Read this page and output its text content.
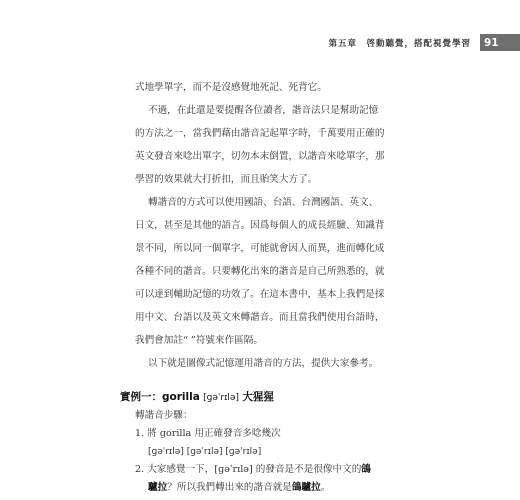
第五章　啓動聽覺，搭配視覺學習	91
式地學單字，而不是沒感覺地死記、死背它。
不過，在此還是要提醒各位讀者，諧音法只是幫助記憶
的方法之一，當我們藉由諧音記起單字時，千萬要用正確的
英文發音來唸出單字，切勿本末倒置，以諧音來唸單字，那
學習的效果就大打折扣，而且貽笑大方了。
轉諧音的方式可以使用國語、台語、台灣國語、英文、
日文，甚至是其他的語言。因爲每個人的成長經驗、知識背
景不同，所以同一個單字，可能就會因人而異，進而轉化成
各種不同的諧音。只要轉化出來的諧音是自己所熟悉的，就
可以達到輔助記憶的功效了。在這本書中，基本上我們是採
用中文、台語以及英文來轉諧音。而且當我們使用台語時，
我們會加註“ ”符號來作區隔。
以下就是圖像式記憶運用諧音的方法，提供大家參考。
實例一：gorilla [ɡəˈrɪlə] 大猩猩
轉諧音步驟：
1. 將 gorilla 用正確發音多唸幾次
[ɡəˈrɪlə] [ɡəˈrɪlə] [ɡəˈrɪlə]
2. 大家感覺一下，[ɡəˈrɪlə] 的發音是不是很像中文的鴿
驢拉？所以我們轉出來的諧音就是鴿驢拉。
